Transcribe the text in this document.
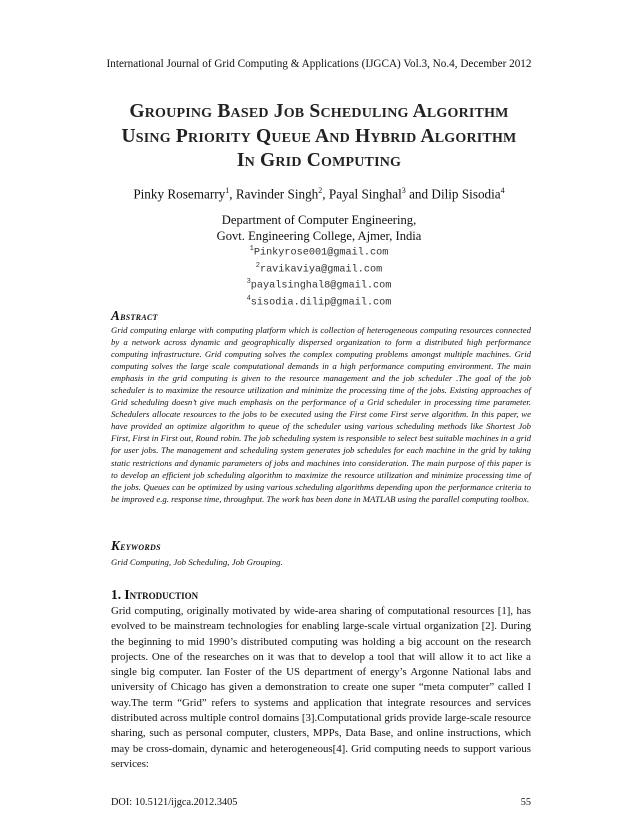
International Journal of Grid Computing & Applications (IJGCA) Vol.3, No.4, December 2012
Grouping Based Job Scheduling Algorithm
Using Priority Queue And Hybrid Algorithm
In Grid Computing
Pinky Rosemarry$^1$, Ravinder Singh$^2$, Payal Singhal$^3$ and Dilip Sisodia$^4$
Department of Computer Engineering,
Govt. Engineering College, Ajmer, India
$^1$Pinkyrose001@gmail.com
$^2$ravikaviya@gmail.com
$^3$payalsinghal8@gmail.com
$^4$sisodia.dilip@gmail.com
Abstract
Grid computing enlarge with computing platform which is collection of heterogeneous computing resources connected by a network across dynamic and geographically dispersed organization to form a distributed high performance computing infrastructure. Grid computing solves the complex computing problems amongst multiple machines. Grid computing solves the large scale computational demands in a high performance computing environment. The main emphasis in the grid computing is given to the resource management and the job scheduler .The goal of the job scheduler is to maximize the resource utilization and minimize the processing time of the jobs. Existing approaches of Grid scheduling doesn’t give much emphasis on the performance of a Grid scheduler in processing time parameter. Schedulers allocate resources to the jobs to be executed using the First come First serve algorithm. In this paper, we have provided an optimize algorithm to queue of the scheduler using various scheduling methods like Shortest Job First, First in First out, Round robin. The job scheduling system is responsible to select best suitable machines in a grid for user jobs. The management and scheduling system generates job schedules for each machine in the grid by taking static restrictions and dynamic parameters of jobs and machines into consideration. The main purpose of this paper is to develop an efficient job scheduling algorithm to maximize the resource utilization and minimize processing time of the jobs. Queues can be optimized by using various scheduling algorithms depending upon the performance criteria to be improved e.g. response time, throughput. The work has been done in MATLAB using the parallel computing toolbox.
Keywords
Grid Computing, Job Scheduling, Job Grouping.
1. Introduction
Grid computing, originally motivated by wide-area sharing of computational resources [1], has evolved to be mainstream technologies for enabling large-scale virtual organization [2]. During the beginning to mid 1990’s distributed computing was holding a big account on the research projects. One of the researches on it was that to develop a tool that will allow it to act like a single big computer. Ian Foster of the US department of energy’s Argonne National labs and university of Chicago has given a demonstration to create one super “meta computer” called I way.The term “Grid” refers to systems and application that integrate resources and services distributed across multiple control domains [3].Computational grids provide large-scale resource sharing, such as personal computer, clusters, MPPs, Data Base, and online instructions, which may be cross-domain, dynamic and heterogeneous[4]. Grid computing needs to support various services:
DOI: 10.5121/ijgca.2012.3405	55
